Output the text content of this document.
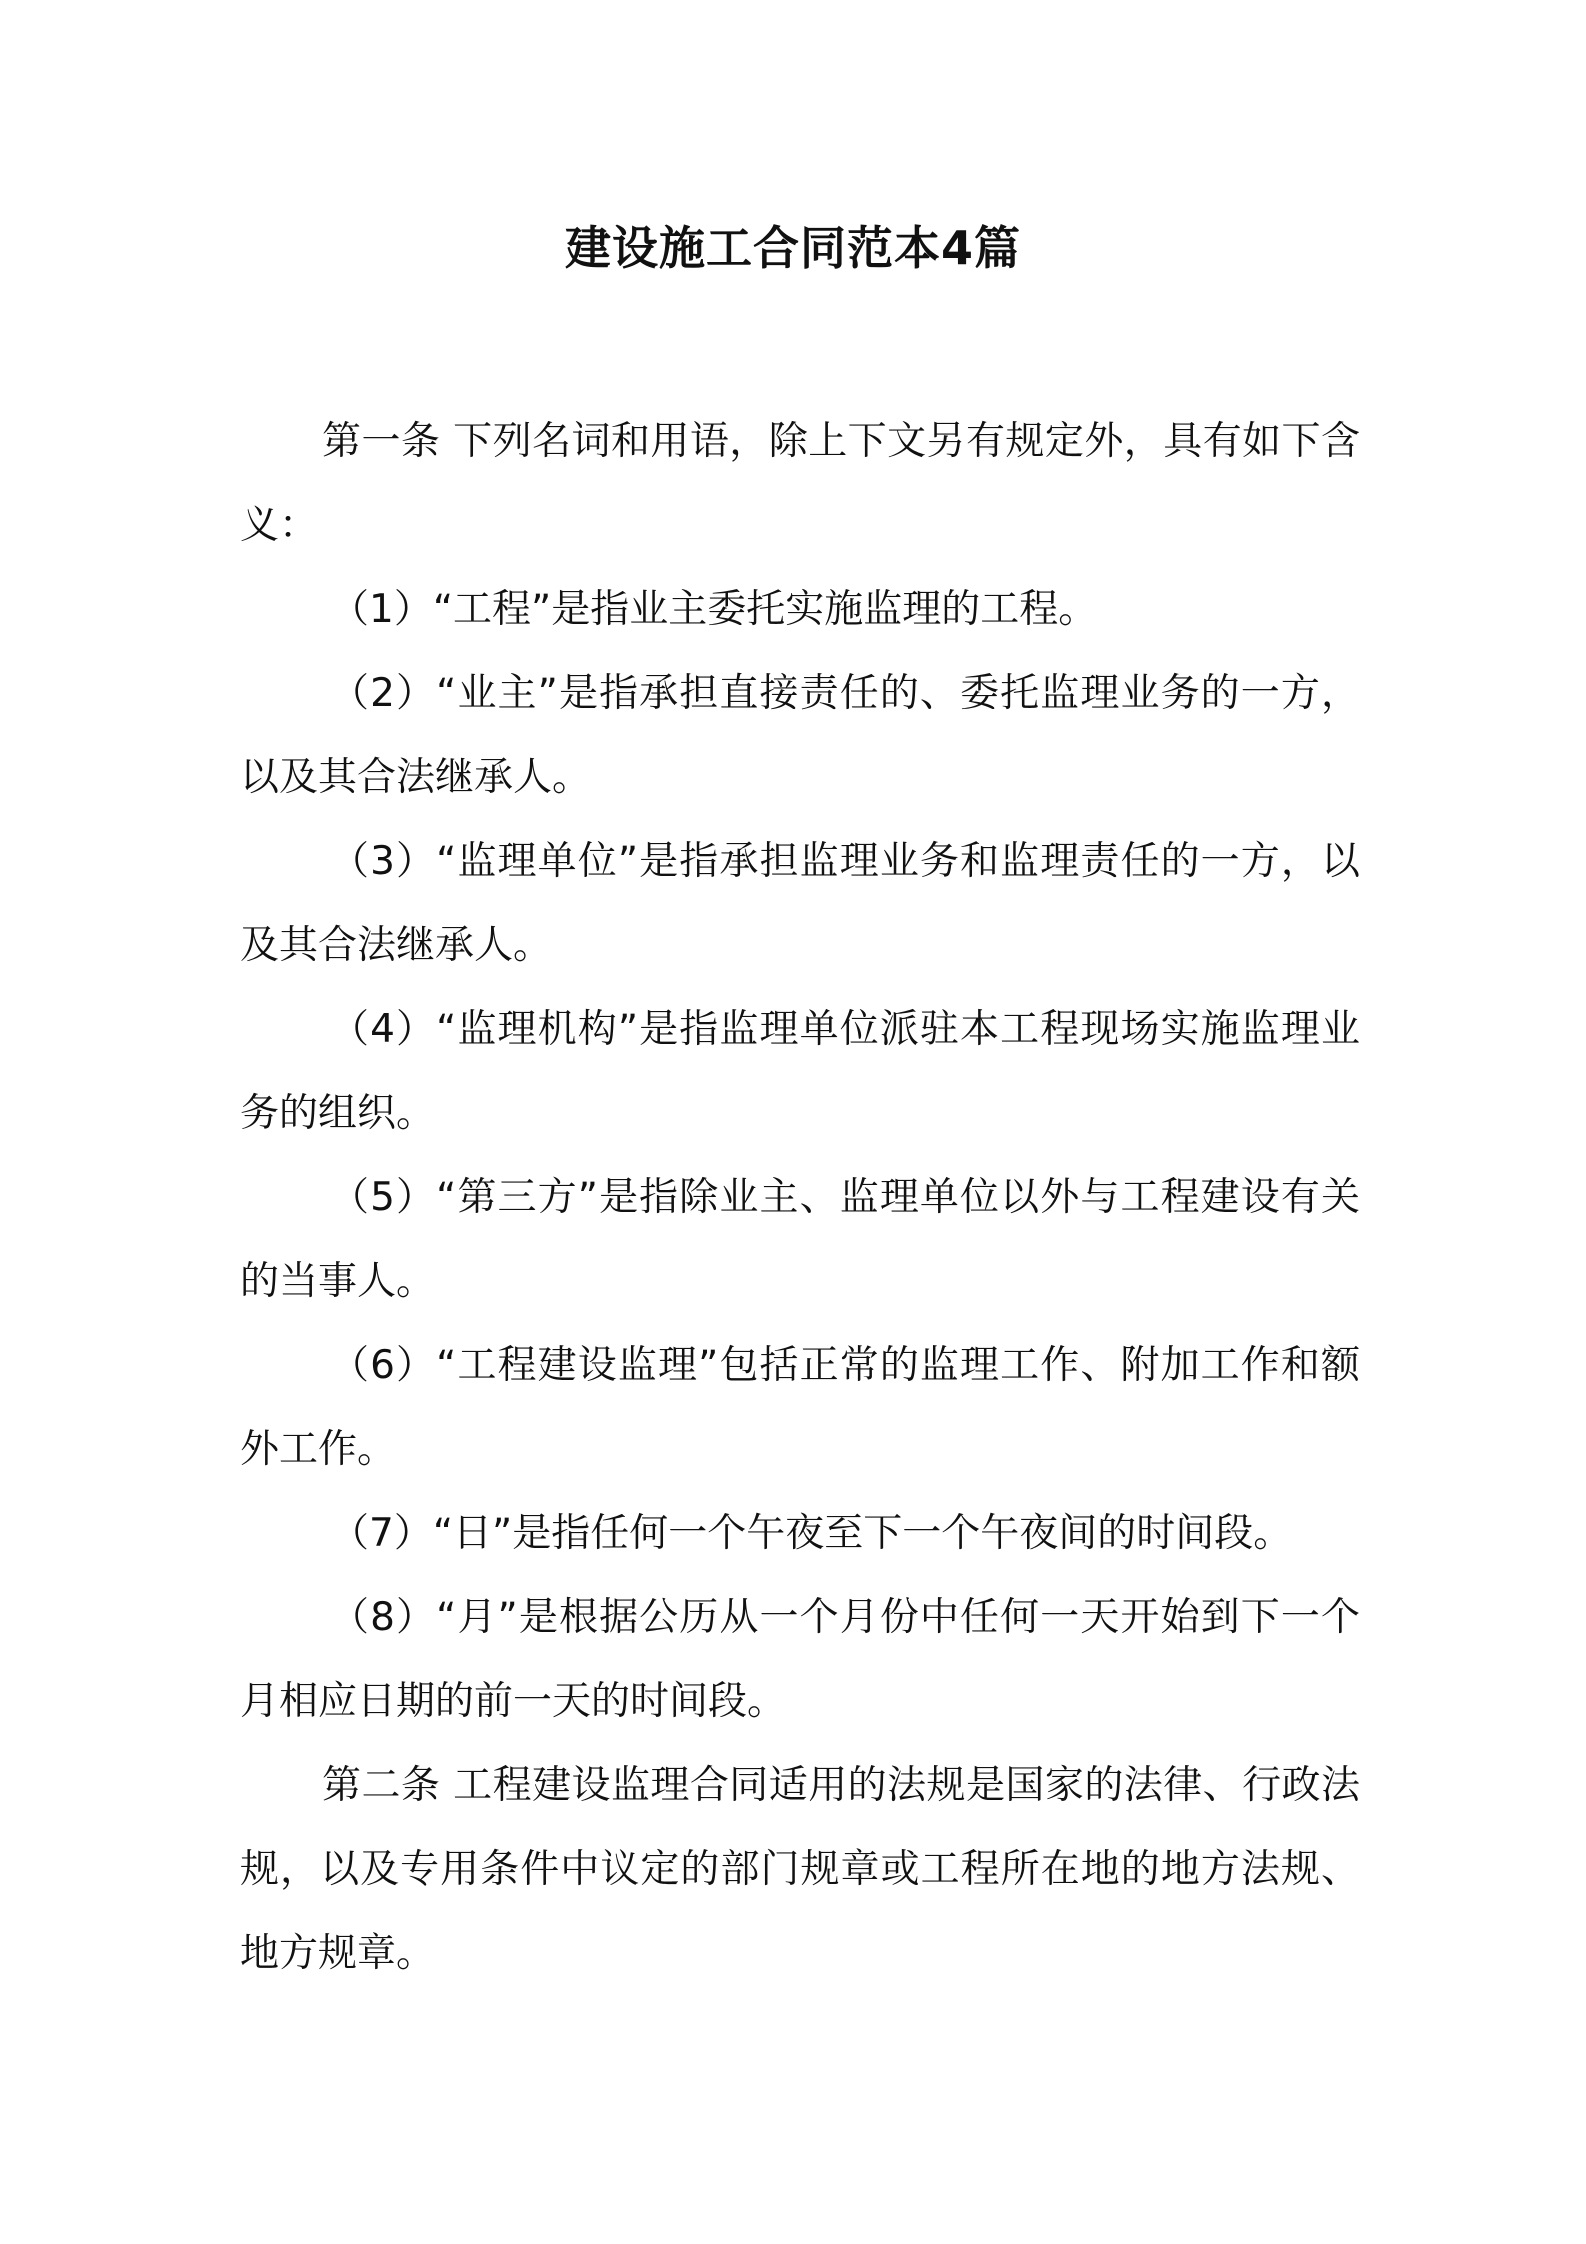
建设施工合同范本4篇

第一条 下列名词和用语，除上下文另有规定外，具有如下含义：

（1）“工程”是指业主委托实施监理的工程。

（2）“业主”是指承担直接责任的、委托监理业务的一方，以及其合法继承人。

（3）“监理单位”是指承担监理业务和监理责任的一方，以及其合法继承人。

（4）“监理机构”是指监理单位派驻本工程现场实施监理业务的组织。

（5）“第三方”是指除业主、监理单位以外与工程建设有关的当事人。

（6）“工程建设监理”包括正常的监理工作、附加工作和额外工作。

（7）“日”是指任何一个午夜至下一个午夜间的时间段。

（8）“月”是根据公历从一个月份中任何一天开始到下一个月相应日期的前一天的时间段。

第二条 工程建设监理合同适用的法规是国家的法律、行政法规，以及专用条件中议定的部门规章或工程所在地的地方法规、地方规章。
